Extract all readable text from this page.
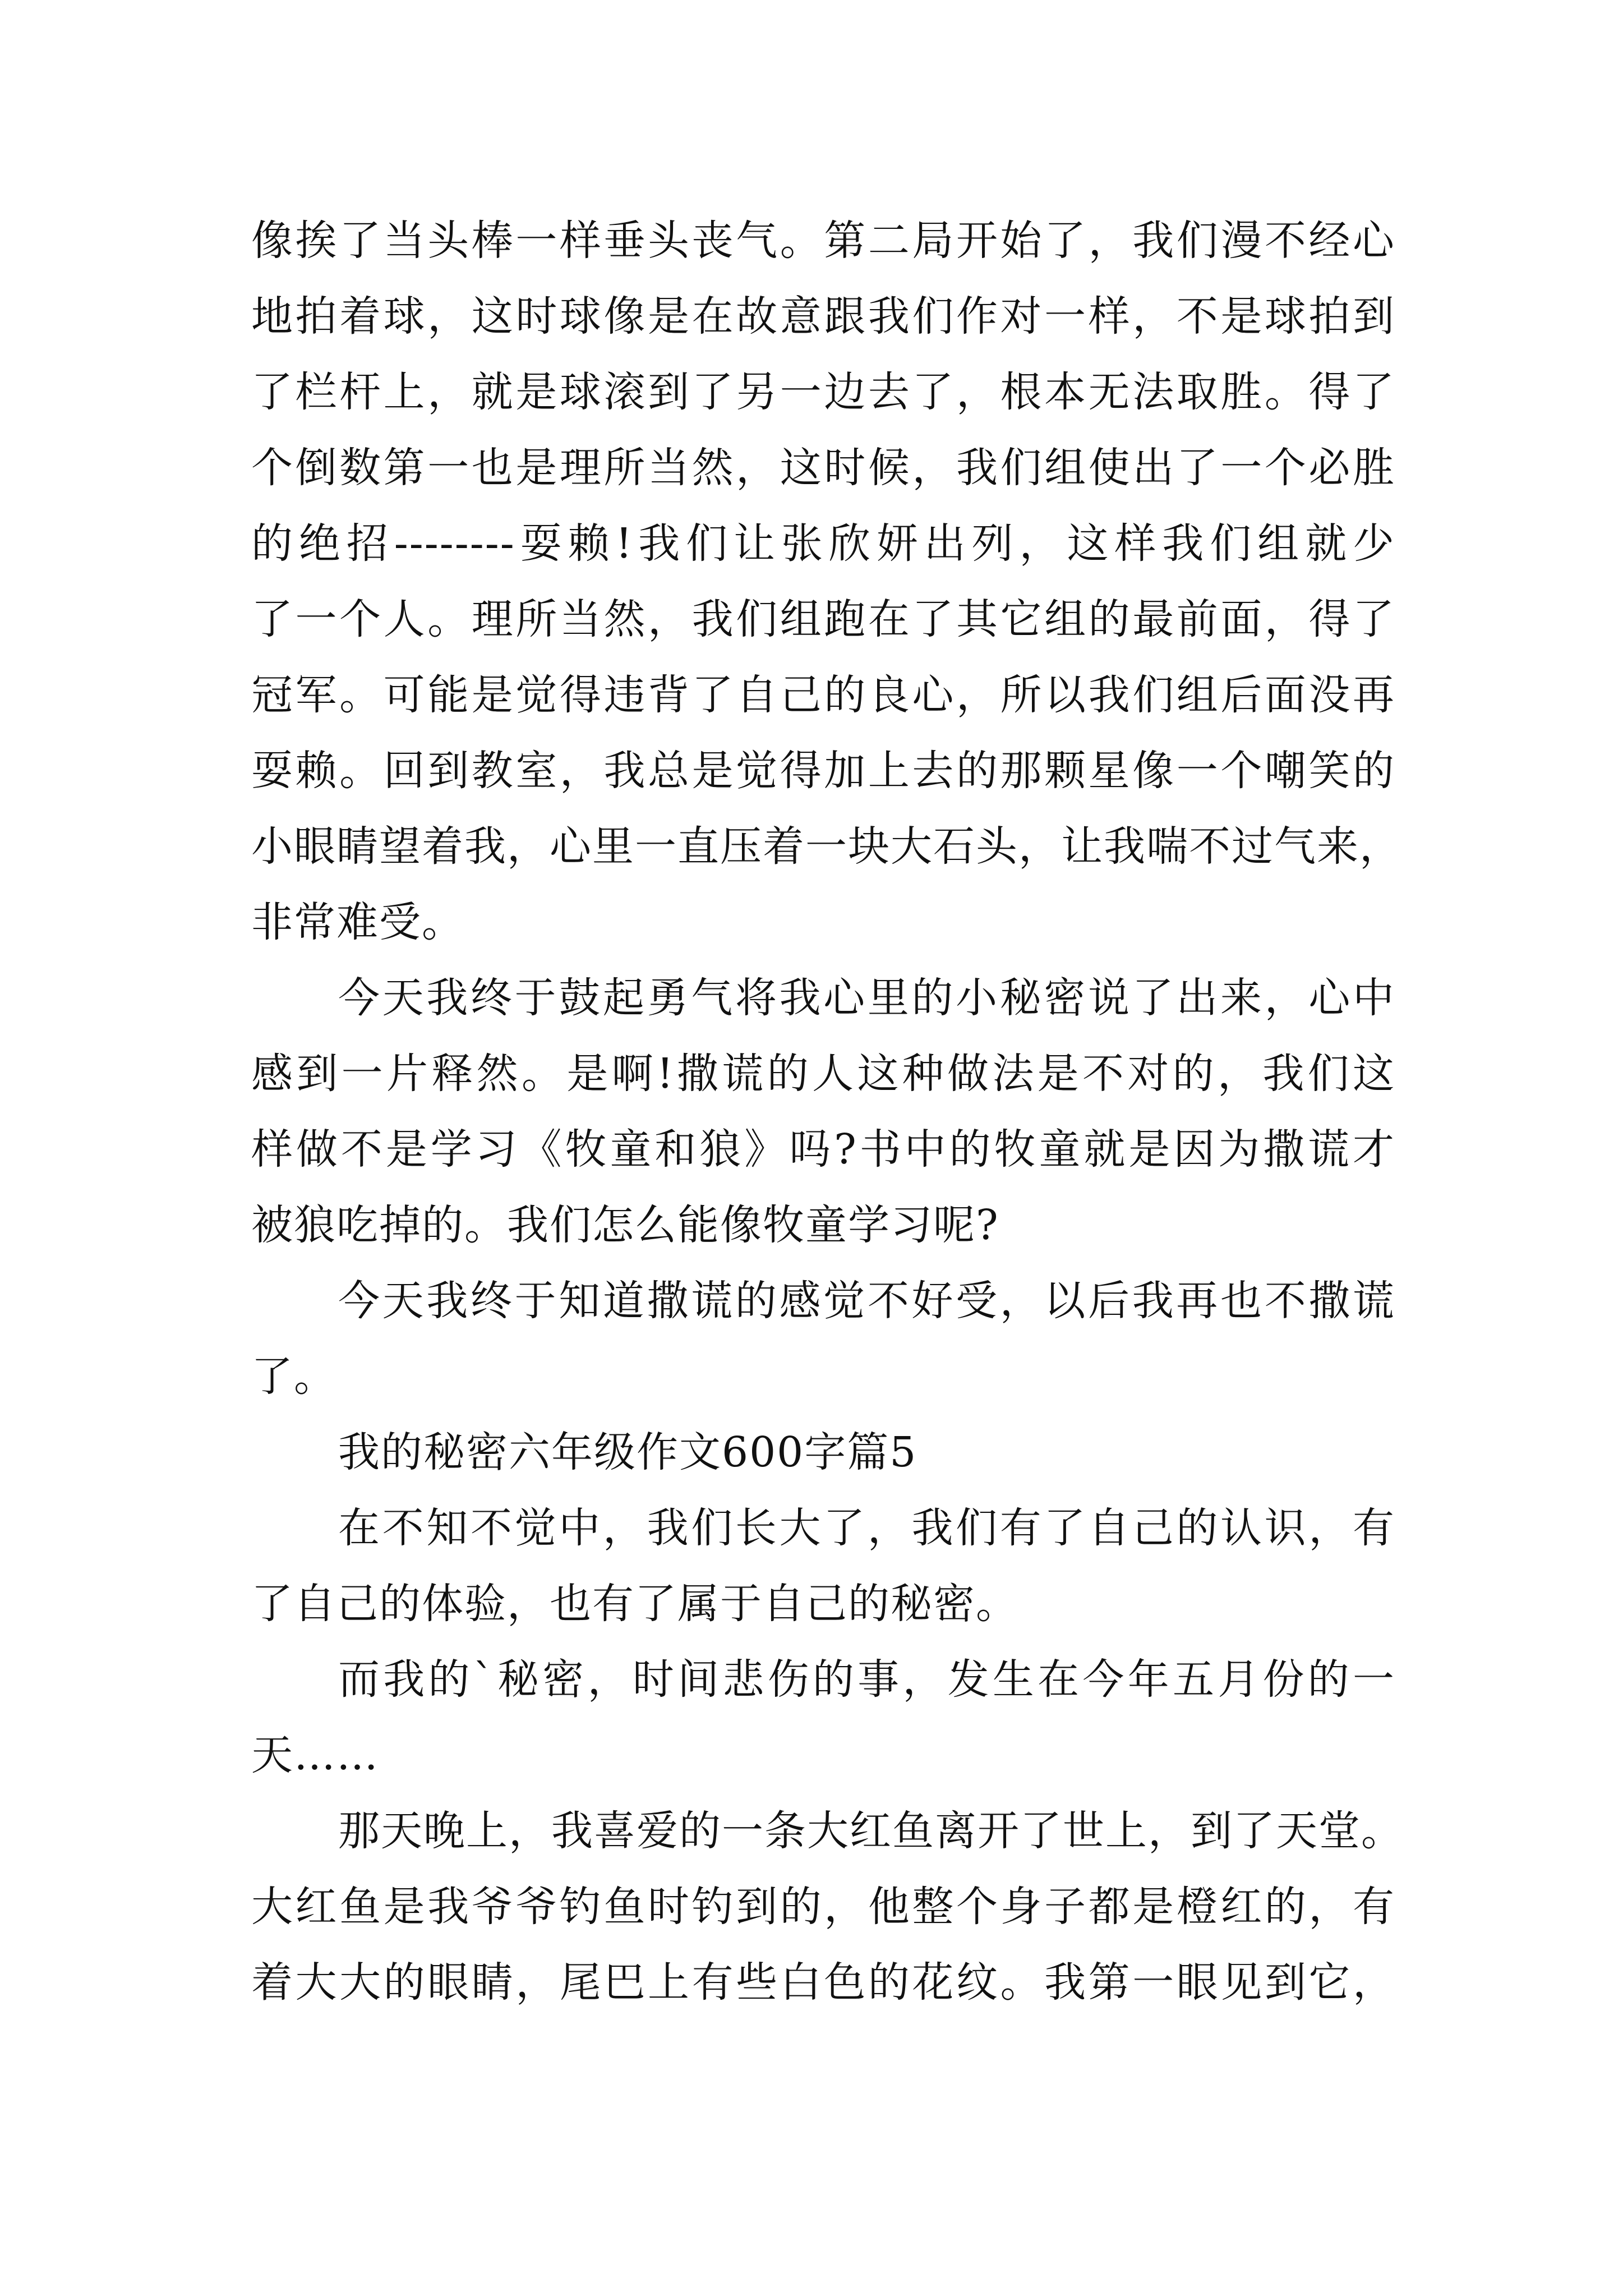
像挨了当头棒一样垂头丧气。第二局开始了，我们漫不经心
地拍着球，这时球像是在故意跟我们作对一样，不是球拍到
了栏杆上，就是球滚到了另一边去了，根本无法取胜。得了
个倒数第一也是理所当然，这时候，我们组使出了一个必胜
的绝招--------耍赖!我们让张欣妍出列，这样我们组就少
了一个人。理所当然，我们组跑在了其它组的最前面，得了
冠军。可能是觉得违背了自己的良心，所以我们组后面没再
耍赖。回到教室，我总是觉得加上去的那颗星像一个嘲笑的
小眼睛望着我，心里一直压着一块大石头，让我喘不过气来，
非常难受。
今天我终于鼓起勇气将我心里的小秘密说了出来，心中
感到一片释然。是啊!撒谎的人这种做法是不对的，我们这
样做不是学习《牧童和狼》吗?书中的牧童就是因为撒谎才
被狼吃掉的。我们怎么能像牧童学习呢?
今天我终于知道撒谎的感觉不好受，以后我再也不撒谎
了。
我的秘密六年级作文600字篇5
在不知不觉中，我们长大了，我们有了自己的认识，有
了自己的体验，也有了属于自己的秘密。
而我的`秘密，时间悲伤的事，发生在今年五月份的一
天……
那天晚上，我喜爱的一条大红鱼离开了世上，到了天堂。
大红鱼是我爷爷钓鱼时钓到的，他整个身子都是橙红的，有
着大大的眼睛，尾巴上有些白色的花纹。我第一眼见到它，
